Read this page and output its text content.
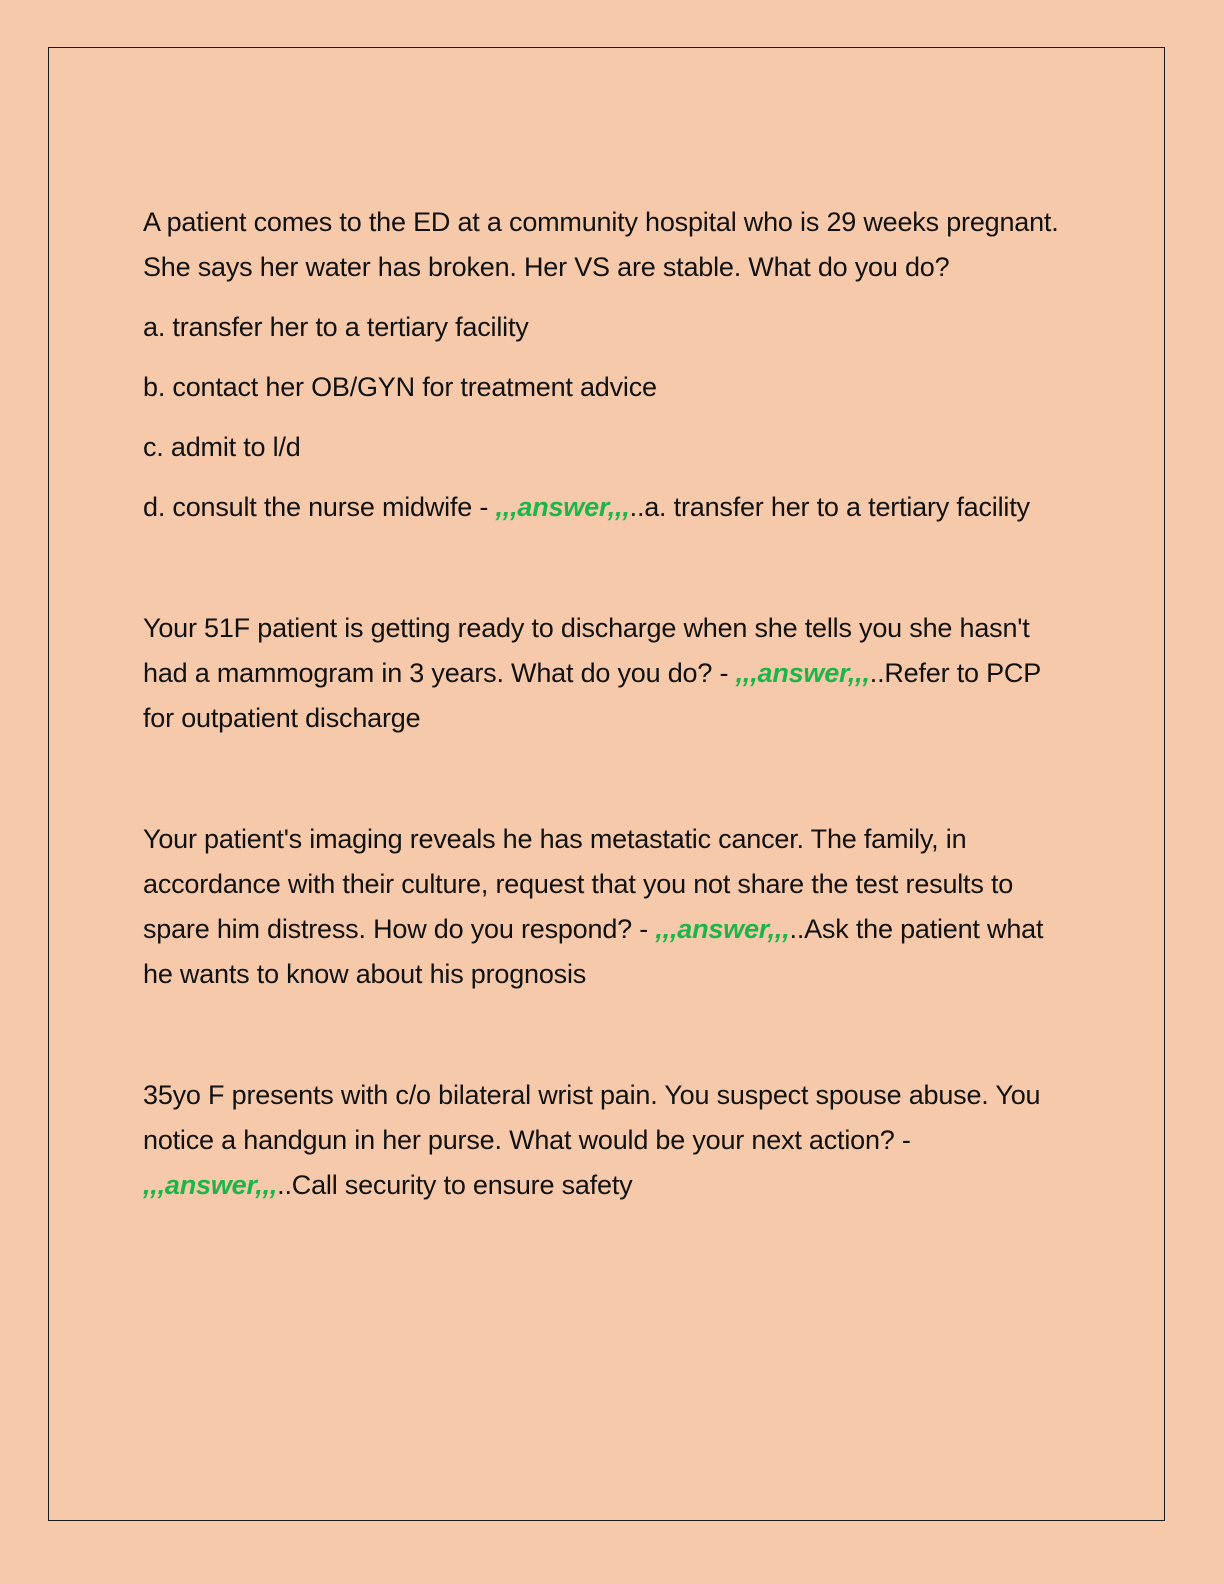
A patient comes to the ED at a community hospital who is 29 weeks pregnant. She says her water has broken. Her VS are stable. What do you do?

a. transfer her to a tertiary facility

b. contact her OB/GYN for treatment advice

c. admit to l/d

d. consult the nurse midwife - ,,,answer,,,..a. transfer her to a tertiary facility

Your 51F patient is getting ready to discharge when she tells you she hasn't had a mammogram in 3 years. What do you do? - ,,,answer,,,..Refer to PCP for outpatient discharge

Your patient's imaging reveals he has metastatic cancer. The family, in accordance with their culture, request that you not share the test results to spare him distress. How do you respond? - ,,,answer,,,..Ask the patient what he wants to know about his prognosis

35yo F presents with c/o bilateral wrist pain. You suspect spouse abuse. You notice a handgun in her purse. What would be your next action? - ,,,answer,,,..Call security to ensure safety
